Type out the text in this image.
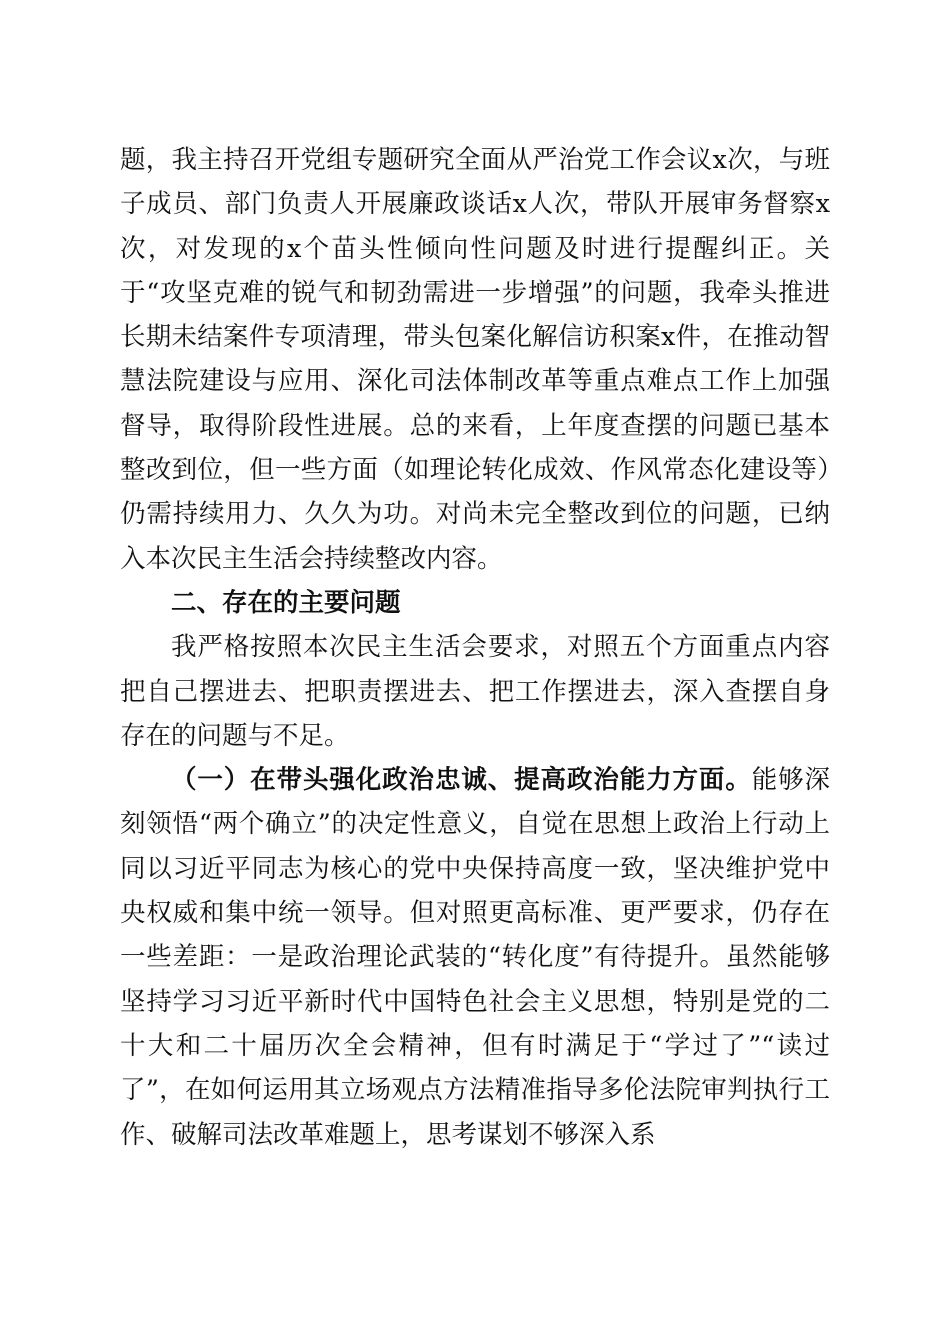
题，我主持召开党组专题研究全面从严治党工作会议x次，与班子成员、部门负责人开展廉政谈话x人次，带队开展审务督察x次，对发现的x个苗头性倾向性问题及时进行提醒纠正。关于“攻坚克难的锐气和韧劲需进一步增强”的问题，我牵头推进长期未结案件专项清理，带头包案化解信访积案x件，在推动智慧法院建设与应用、深化司法体制改革等重点难点工作上加强督导，取得阶段性进展。总的来看，上年度查摆的问题已基本整改到位，但一些方面（如理论转化成效、作风常态化建设等）仍需持续用力、久久为功。对尚未完全整改到位的问题，已纳入本次民主生活会持续整改内容。

二、存在的主要问题

我严格按照本次民主生活会要求，对照五个方面重点内容把自己摆进去、把职责摆进去、把工作摆进去，深入查摆自身存在的问题与不足。

（一）在带头强化政治忠诚、提高政治能力方面。能够深刻领悟“两个确立”的决定性意义，自觉在思想上政治上行动上同以习近平同志为核心的党中央保持高度一致，坚决维护党中央权威和集中统一领导。但对照更高标准、更严要求，仍存在一些差距：一是政治理论武装的“转化度”有待提升。虽然能够坚持学习习近平新时代中国特色社会主义思想，特别是党的二十大和二十届历次全会精神，但有时满足于“学过了”“读过了”，在如何运用其立场观点方法精准指导多伦法院审判执行工作、破解司法改革难题上，思考谋划不够深入系
